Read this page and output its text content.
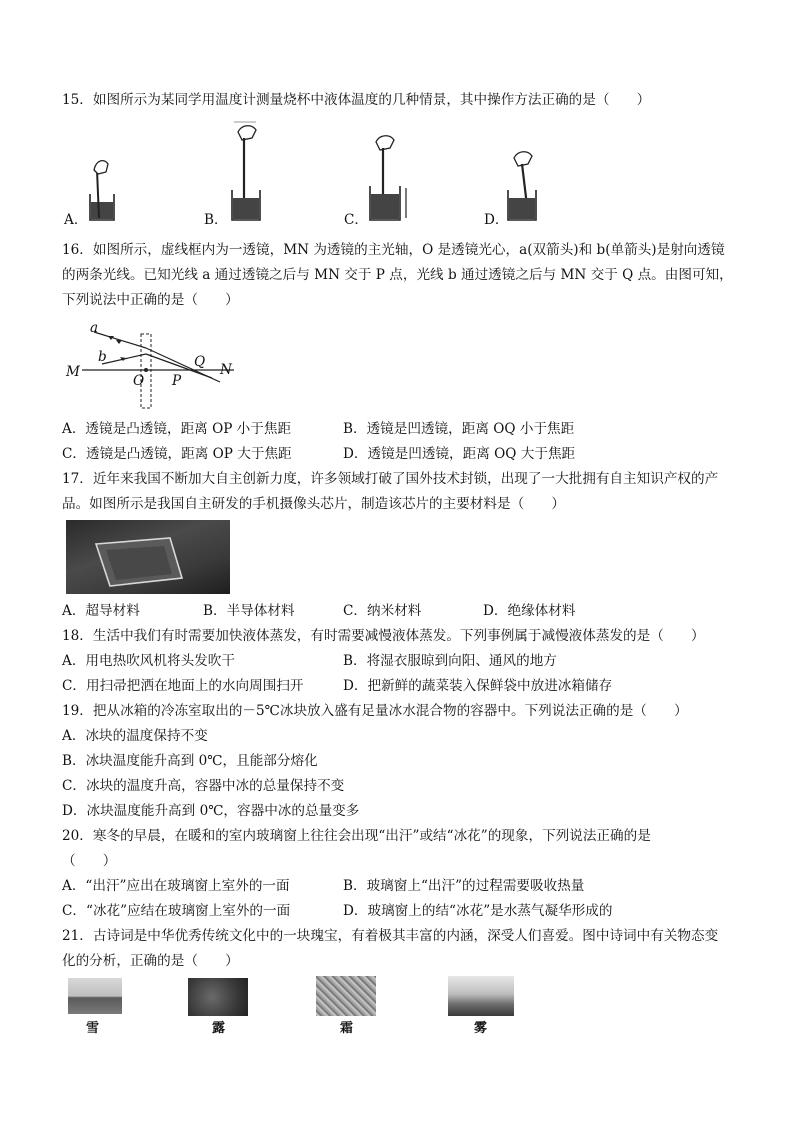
15．如图所示为某同学用温度计测量烧杯中液体温度的几种情景，其中操作方法正确的是（　　）
A．	B．	C．	D．
16．如图所示，虚线框内为一透镜，MN 为透镜的主光轴，O 是透镜光心，a(双箭头)和 b(单箭头)是射向透镜
的两条光线。已知光线 a 通过透镜之后与 MN 交于 P 点，光线 b 通过透镜之后与 MN 交于 Q 点。由图可知，
下列说法中正确的是（　　）
a
b
M	N
O P
Q
A．透镜是凸透镜，距离 OP 小于焦距	B．透镜是凹透镜，距离 OQ 小于焦距
C．透镜是凸透镜，距离 OP 大于焦距	D．透镜是凹透镜，距离 OQ 大于焦距
17．近年来我国不断加大自主创新力度，许多领域打破了国外技术封锁，出现了一大批拥有自主知识产权的产
品。如图所示是我国自主研发的手机摄像头芯片，制造该芯片的主要材料是（　　）
A．超导材料	B．半导体材料	C．纳米材料	D．绝缘体材料
18．生活中我们有时需要加快液体蒸发，有时需要减慢液体蒸发。下列事例属于减慢液体蒸发的是（　　）
A．用电热吹风机将头发吹干	B．将湿衣服晾到向阳、通风的地方
C．用扫帚把洒在地面上的水向周围扫开	D．把新鲜的蔬菜装入保鲜袋中放进冰箱储存
19．把从冰箱的冷冻室取出的－5℃冰块放入盛有足量冰水混合物的容器中。下列说法正确的是（　　）
A．冰块的温度保持不变
B．冰块温度能升高到 0℃，且能部分熔化
C．冰块的温度升高，容器中冰的总量保持不变
D．冰块温度能升高到 0℃，容器中冰的总量变多
20．寒冬的早晨，在暖和的室内玻璃窗上往往会出现“出汗”或结“冰花”的现象，下列说法正确的是
（　　）
A．“出汗”应出在玻璃窗上室外的一面	B．玻璃窗上“出汗”的过程需要吸收热量
C．“冰花”应结在玻璃窗上室外的一面	D．玻璃窗上的结“冰花”是水蒸气凝华形成的
21．古诗词是中华优秀传统文化中的一块瑰宝，有着极其丰富的内涵，深受人们喜爱。图中诗词中有关物态变
化的分析，正确的是（　　）
雪	露	霜	雾
